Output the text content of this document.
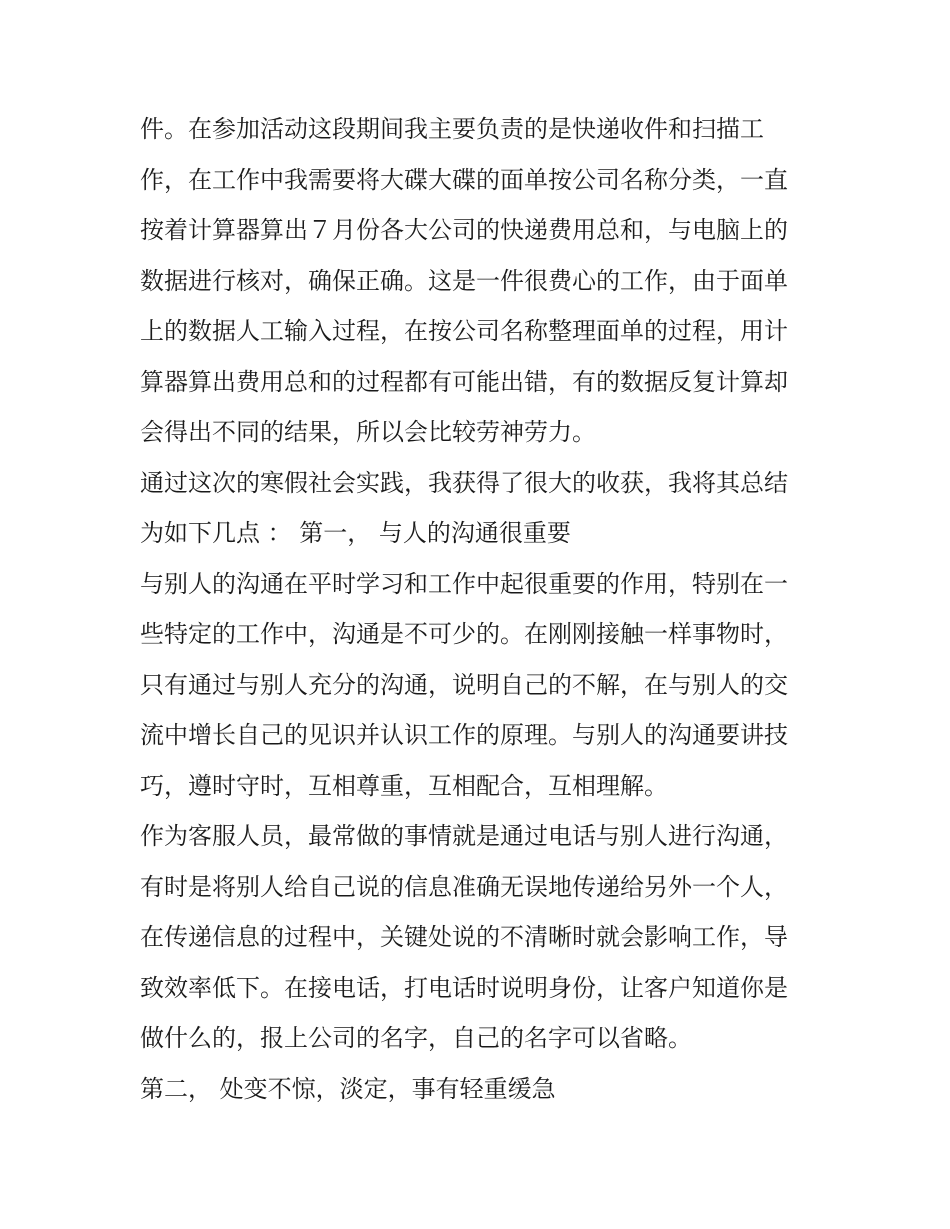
件。在参加活动这段期间我主要负责的是快递收件和扫描工
作，在工作中我需要将大碟大碟的面单按公司名称分类，一直
按着计算器算出７月份各大公司的快递费用总和，与电脑上的
数据进行核对，确保正确。这是一件很费心的工作，由于面单
上的数据人工输入过程，在按公司名称整理面单的过程，用计
算器算出费用总和的过程都有可能出错，有的数据反复计算却
会得出不同的结果，所以会比较劳神劳力。
通过这次的寒假社会实践，我获得了很大的收获，我将其总结
为如下几点 ： 第一， 与人的沟通很重要
与别人的沟通在平时学习和工作中起很重要的作用，特别在一
些特定的工作中，沟通是不可少的。在刚刚接触一样事物时，
只有通过与别人充分的沟通，说明自己的不解，在与别人的交
流中增长自己的见识并认识工作的原理。与别人的沟通要讲技
巧，遵时守时，互相尊重，互相配合，互相理解。
作为客服人员，最常做的事情就是通过电话与别人进行沟通，
有时是将别人给自己说的信息准确无误地传递给另外一个人，
在传递信息的过程中，关键处说的不清晰时就会影响工作，导
致效率低下。在接电话，打电话时说明身份，让客户知道你是
做什么的，报上公司的名字，自己的名字可以省略。
第二， 处变不惊，淡定，事有轻重缓急
